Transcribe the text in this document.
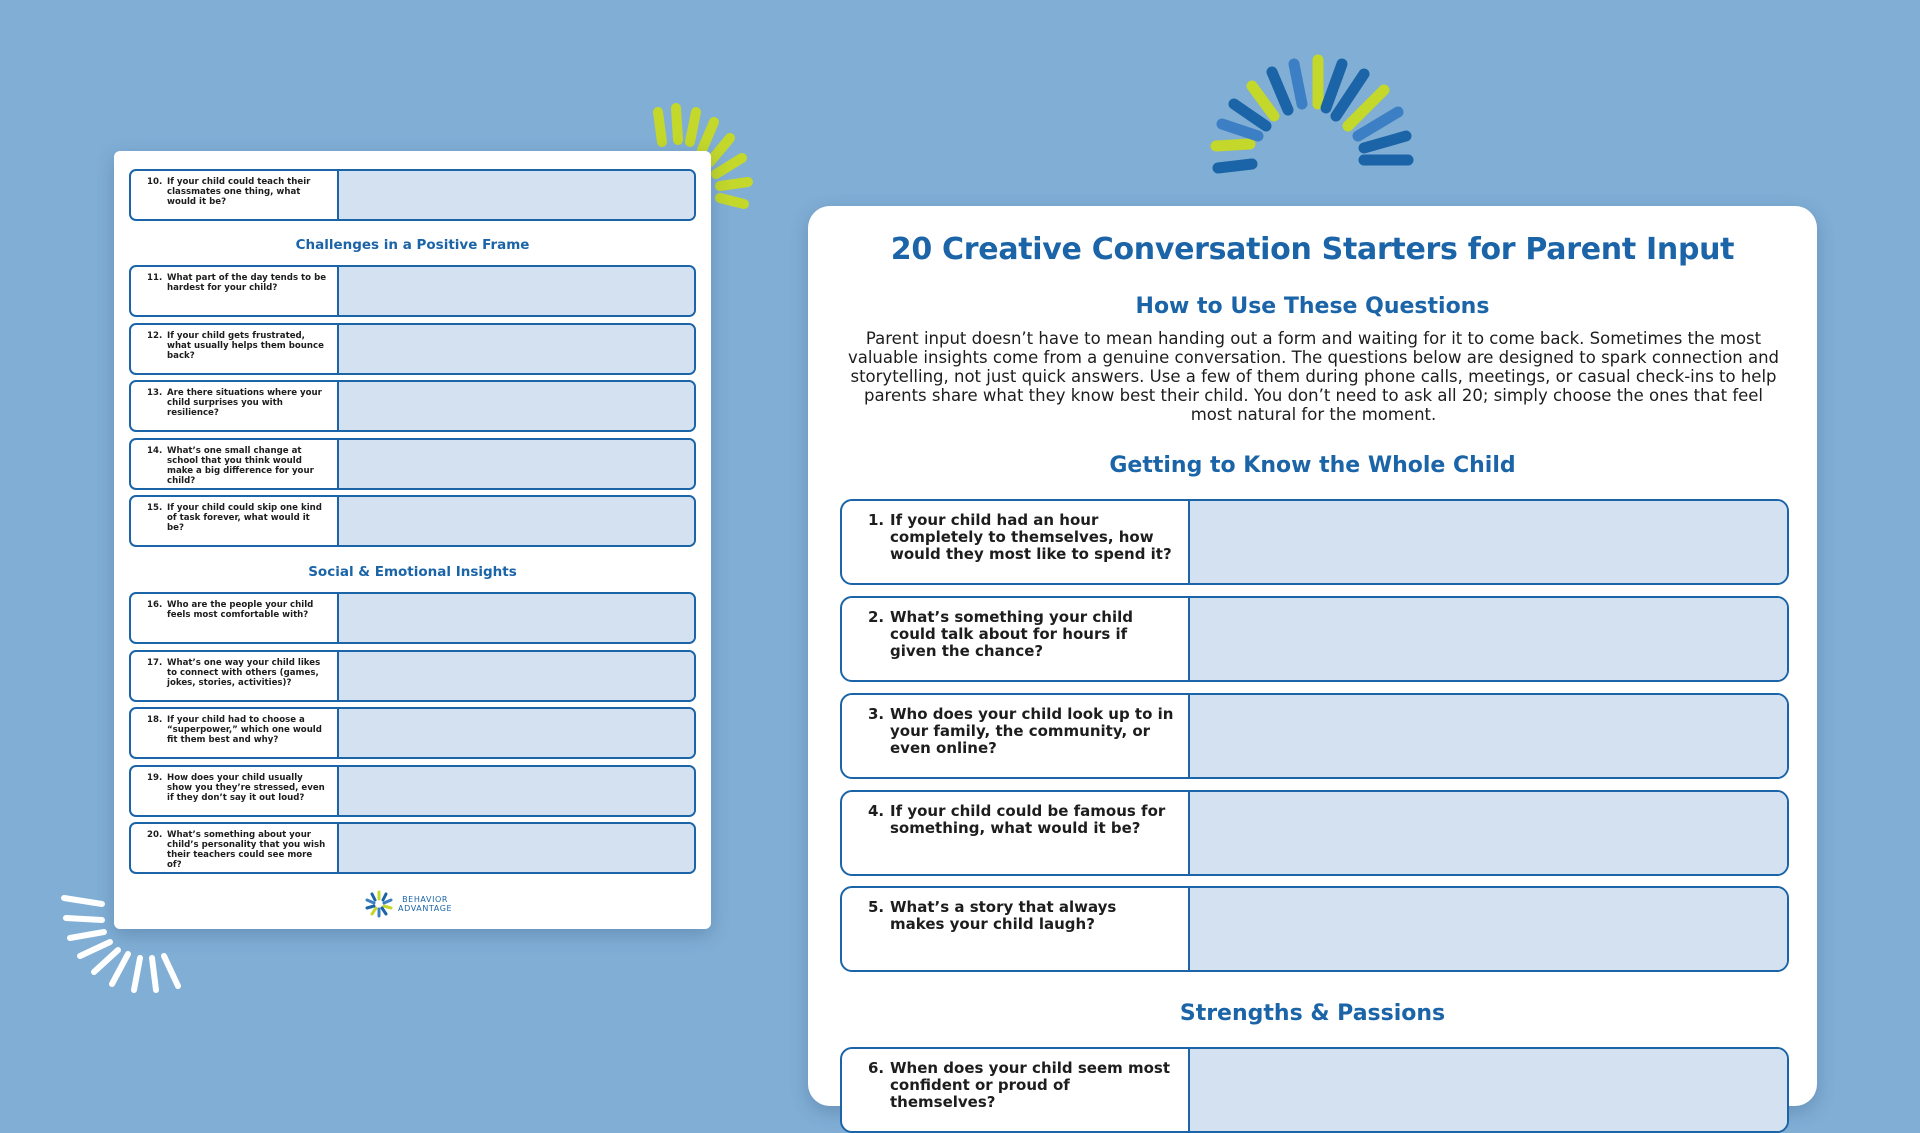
10. If your child could teach their classmates one thing, what would it be?
Challenges in a Positive Frame
11. What part of the day tends to be hardest for your child?
12. If your child gets frustrated, what usually helps them bounce back?
13. Are there situations where your child surprises you with resilience?
14. What’s one small change at school that you think would make a big difference for your child?
15. If your child could skip one kind of task forever, what would it be?
Social & Emotional Insights
16. Who are the people your child feels most comfortable with?
17. What’s one way your child likes to connect with others (games, jokes, stories, activities)?
18. If your child had to choose a “superpower,” which one would fit them best and why?
19. How does your child usually show you they’re stressed, even if they don’t say it out loud?
20. What’s something about your child’s personality that you wish their teachers could see more of?
BEHAVIOR
ADVANTAGE
20 Creative Conversation Starters for Parent Input
How to Use These Questions

Parent input doesn’t have to mean handing out a form and waiting for it to come back. Sometimes the most valuable insights come from a genuine conversation. The questions below are designed to spark connection and storytelling, not just quick answers. Use a few of them during phone calls, meetings, or casual check-ins to help parents share what they know best their child. You don’t need to ask all 20; simply choose the ones that feel most natural for the moment.

Getting to Know the Whole Child
1. If your child had an hour completely to themselves, how would they most like to spend it?
2. What’s something your child could talk about for hours if given the chance?
3. Who does your child look up to in your family, the community, or even online?
4. If your child could be famous for something, what would it be?
5. What’s a story that always makes your child laugh?
Strengths & Passions
6. When does your child seem most confident or proud of themselves?
